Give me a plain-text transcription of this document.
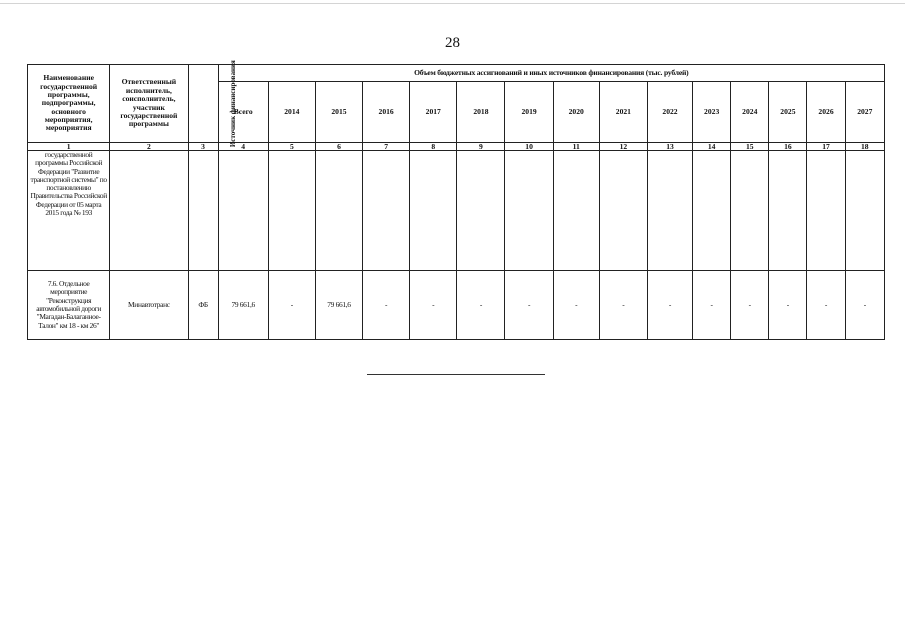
28
Наименование государственной программы, подпрограммы, основного мероприятия, мероприятия	Ответственный исполнитель, соисполнитель, участник государственной программы	Источник финансирования	Объем бюджетных ассигнований и иных источников финансирования (тыс. рублей)														
			Всего	2014	2015	2016	2017	2018	2019	2020	2021	2022	2023	2024	2025	2026	2027
1	2	3	4	5	6	7	8	9	10	11	12	13	14	15	16	17	18
государственной программы Российской Федерации "Развитие транспортной системы" по постановлению Правительства Российской Федерации от 05 марта 2015 года № 193																	
7.6. Отдельное мероприятие "Реконструкция автомобильной дороги "Магадан-Балаганное-Талон" км 18 - км 26"	Минавтотранс	ФБ	79 661,6	-	79 661,6	-	-	-	-	-	-	-	-	-	-	-	-
